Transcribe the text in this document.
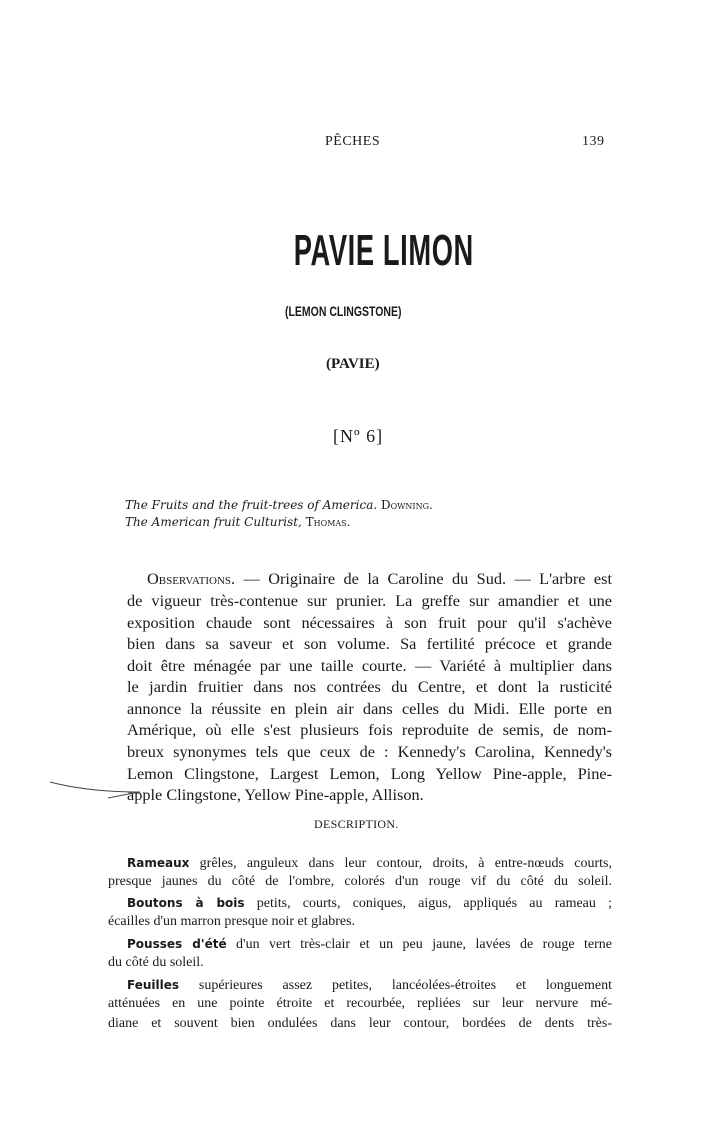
PÊCHES	139
PAVIE LIMON
(LEMON CLINGSTONE)
(PAVIE)
[Nº 6]
The Fruits and the fruit-trees of America. Downing.
The American fruit Culturist, Thomas.
Observations. — Originaire de la Caroline du Sud. — L'arbre est
de vigueur très-contenue sur prunier. La greffe sur amandier et une
exposition chaude sont nécessaires à son fruit pour qu'il s'achève
bien dans sa saveur et son volume. Sa fertilité précoce et grande
doit être ménagée par une taille courte. — Variété à multiplier dans
le jardin fruitier dans nos contrées du Centre, et dont la rusticité
annonce la réussite en plein air dans celles du Midi. Elle porte en
Amérique, où elle s'est plusieurs fois reproduite de semis, de nom-
breux synonymes tels que ceux de : Kennedy's Carolina, Kennedy's
Lemon Clingstone, Largest Lemon, Long Yellow Pine-apple, Pine-
apple Clingstone, Yellow Pine-apple, Allison.
DESCRIPTION.
Rameaux grêles, anguleux dans leur contour, droits, à entre-nœuds courts,
presque jaunes du côté de l'ombre, colorés d'un rouge vif du côté du soleil.
Boutons à bois petits, courts, coniques, aigus, appliqués au rameau ;
écailles d'un marron presque noir et glabres.
Pousses d'été d'un vert très-clair et un peu jaune, lavées de rouge terne
du côté du soleil.
Feuilles supérieures assez petites, lancéolées-étroites et longuement
atténuées en une pointe étroite et recourbée, repliées sur leur nervure mé-
diane et souvent bien ondulées dans leur contour, bordées de dents très-
